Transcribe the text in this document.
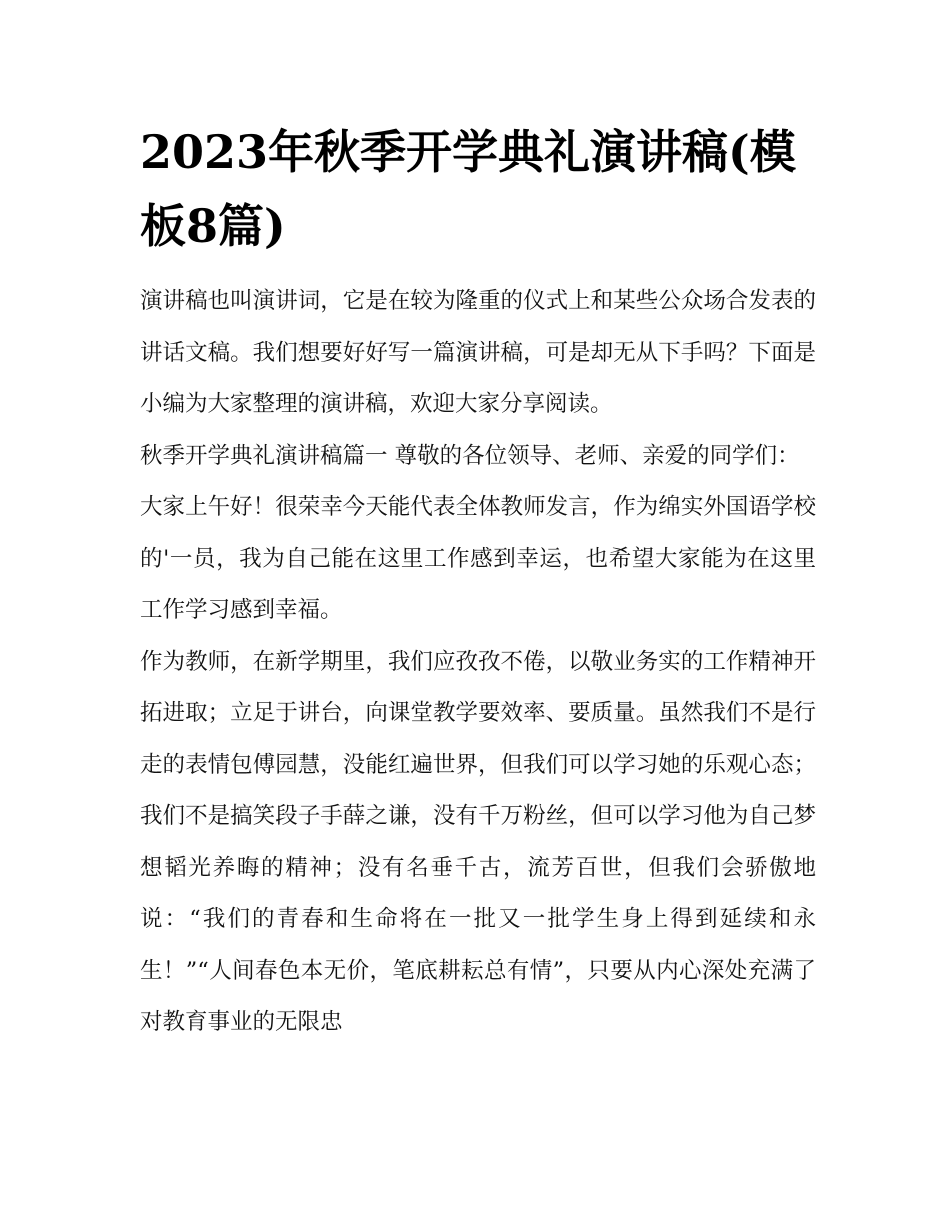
2023年秋季开学典礼演讲稿(模板8篇)

演讲稿也叫演讲词，它是在较为隆重的仪式上和某些公众场合发表的讲话文稿。我们想要好好写一篇演讲稿，可是却无从下手吗？下面是小编为大家整理的演讲稿，欢迎大家分享阅读。

秋季开学典礼演讲稿篇一 尊敬的各位领导、老师、亲爱的同学们：

大家上午好！很荣幸今天能代表全体教师发言，作为绵实外国语学校的'一员，我为自己能在这里工作感到幸运，也希望大家能为在这里工作学习感到幸福。

作为教师，在新学期里，我们应孜孜不倦，以敬业务实的工作精神开拓进取；立足于讲台，向课堂教学要效率、要质量。虽然我们不是行走的表情包傅园慧，没能红遍世界，但我们可以学习她的乐观心态；我们不是搞笑段子手薛之谦，没有千万粉丝，但可以学习他为自己梦想韬光养晦的精神；没有名垂千古，流芳百世，但我们会骄傲地说：“我们的青春和生命将在一批又一批学生身上得到延续和永生！”“人间春色本无价，笔底耕耘总有情”，只要从内心深处充满了对教育事业的无限忠
